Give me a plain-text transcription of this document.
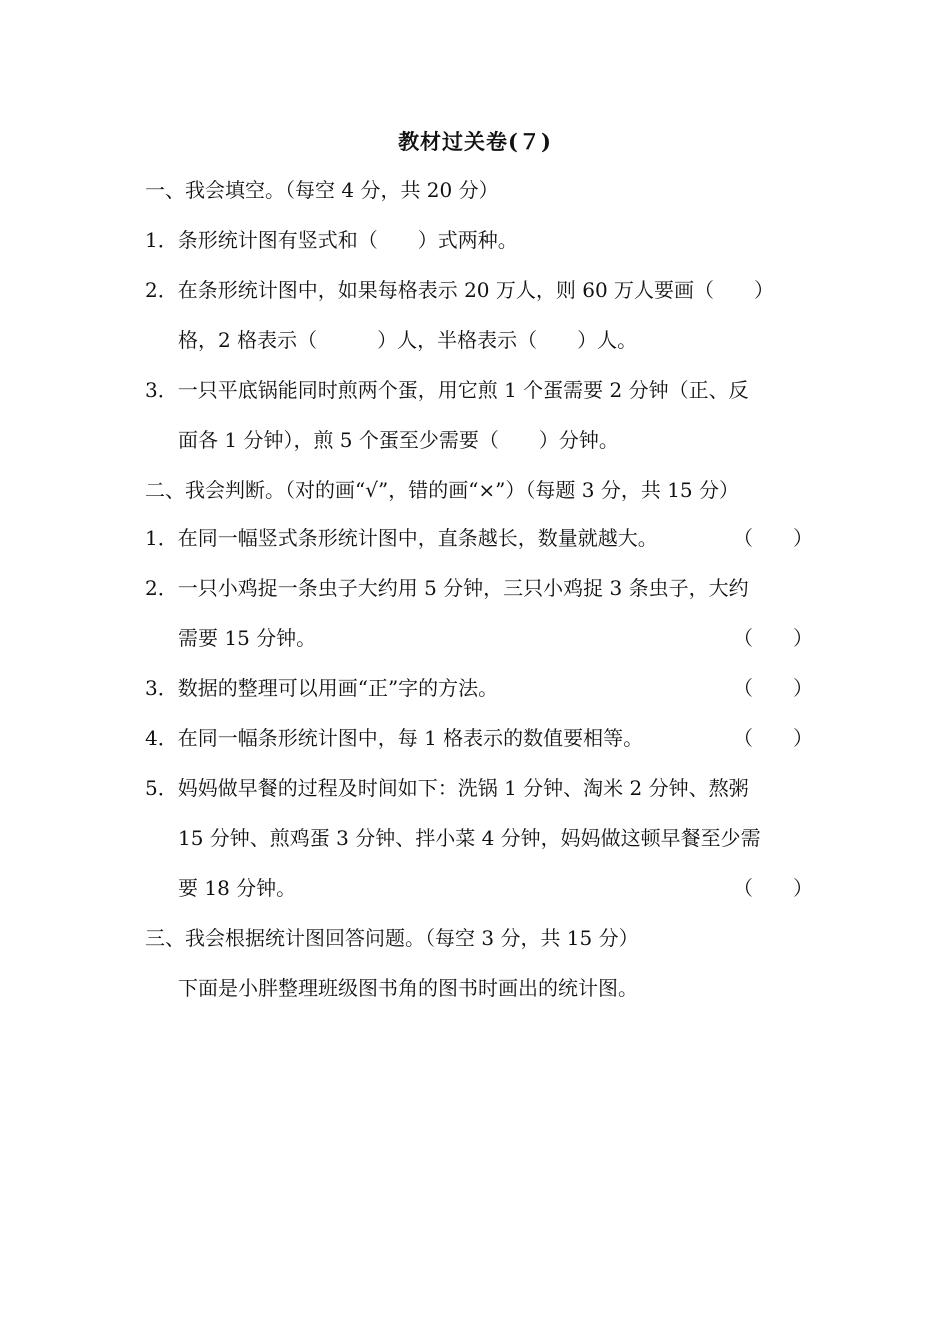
教材过关卷(７)
一、我会填空。（每空 4 分，共 20 分）
1．条形统计图有竖式和（　　）式两种。
2．在条形统计图中，如果每格表示 20 万人，则 60 万人要画（　　）
格，2 格表示（　　　）人，半格表示（　　）人。
3．一只平底锅能同时煎两个蛋，用它煎 1 个蛋需要 2 分钟（正、反
面各 1 分钟），煎 5 个蛋至少需要（　　）分钟。
二、我会判断。（对的画“√”，错的画“×”）（每题 3 分，共 15 分）
1．在同一幅竖式条形统计图中，直条越长，数量就越大。	（　　）
2．一只小鸡捉一条虫子大约用 5 分钟，三只小鸡捉 3 条虫子，大约
需要 15 分钟。	（　　）
3．数据的整理可以用画“正”字的方法。	（　　）
4．在同一幅条形统计图中，每 1 格表示的数值要相等。	（　　）
5．妈妈做早餐的过程及时间如下：洗锅 1 分钟、淘米 2 分钟、熬粥
15 分钟、煎鸡蛋 3 分钟、拌小菜 4 分钟，妈妈做这顿早餐至少需
要 18 分钟。	（　　）
三、我会根据统计图回答问题。（每空 3 分，共 15 分）
下面是小胖整理班级图书角的图书时画出的统计图。
